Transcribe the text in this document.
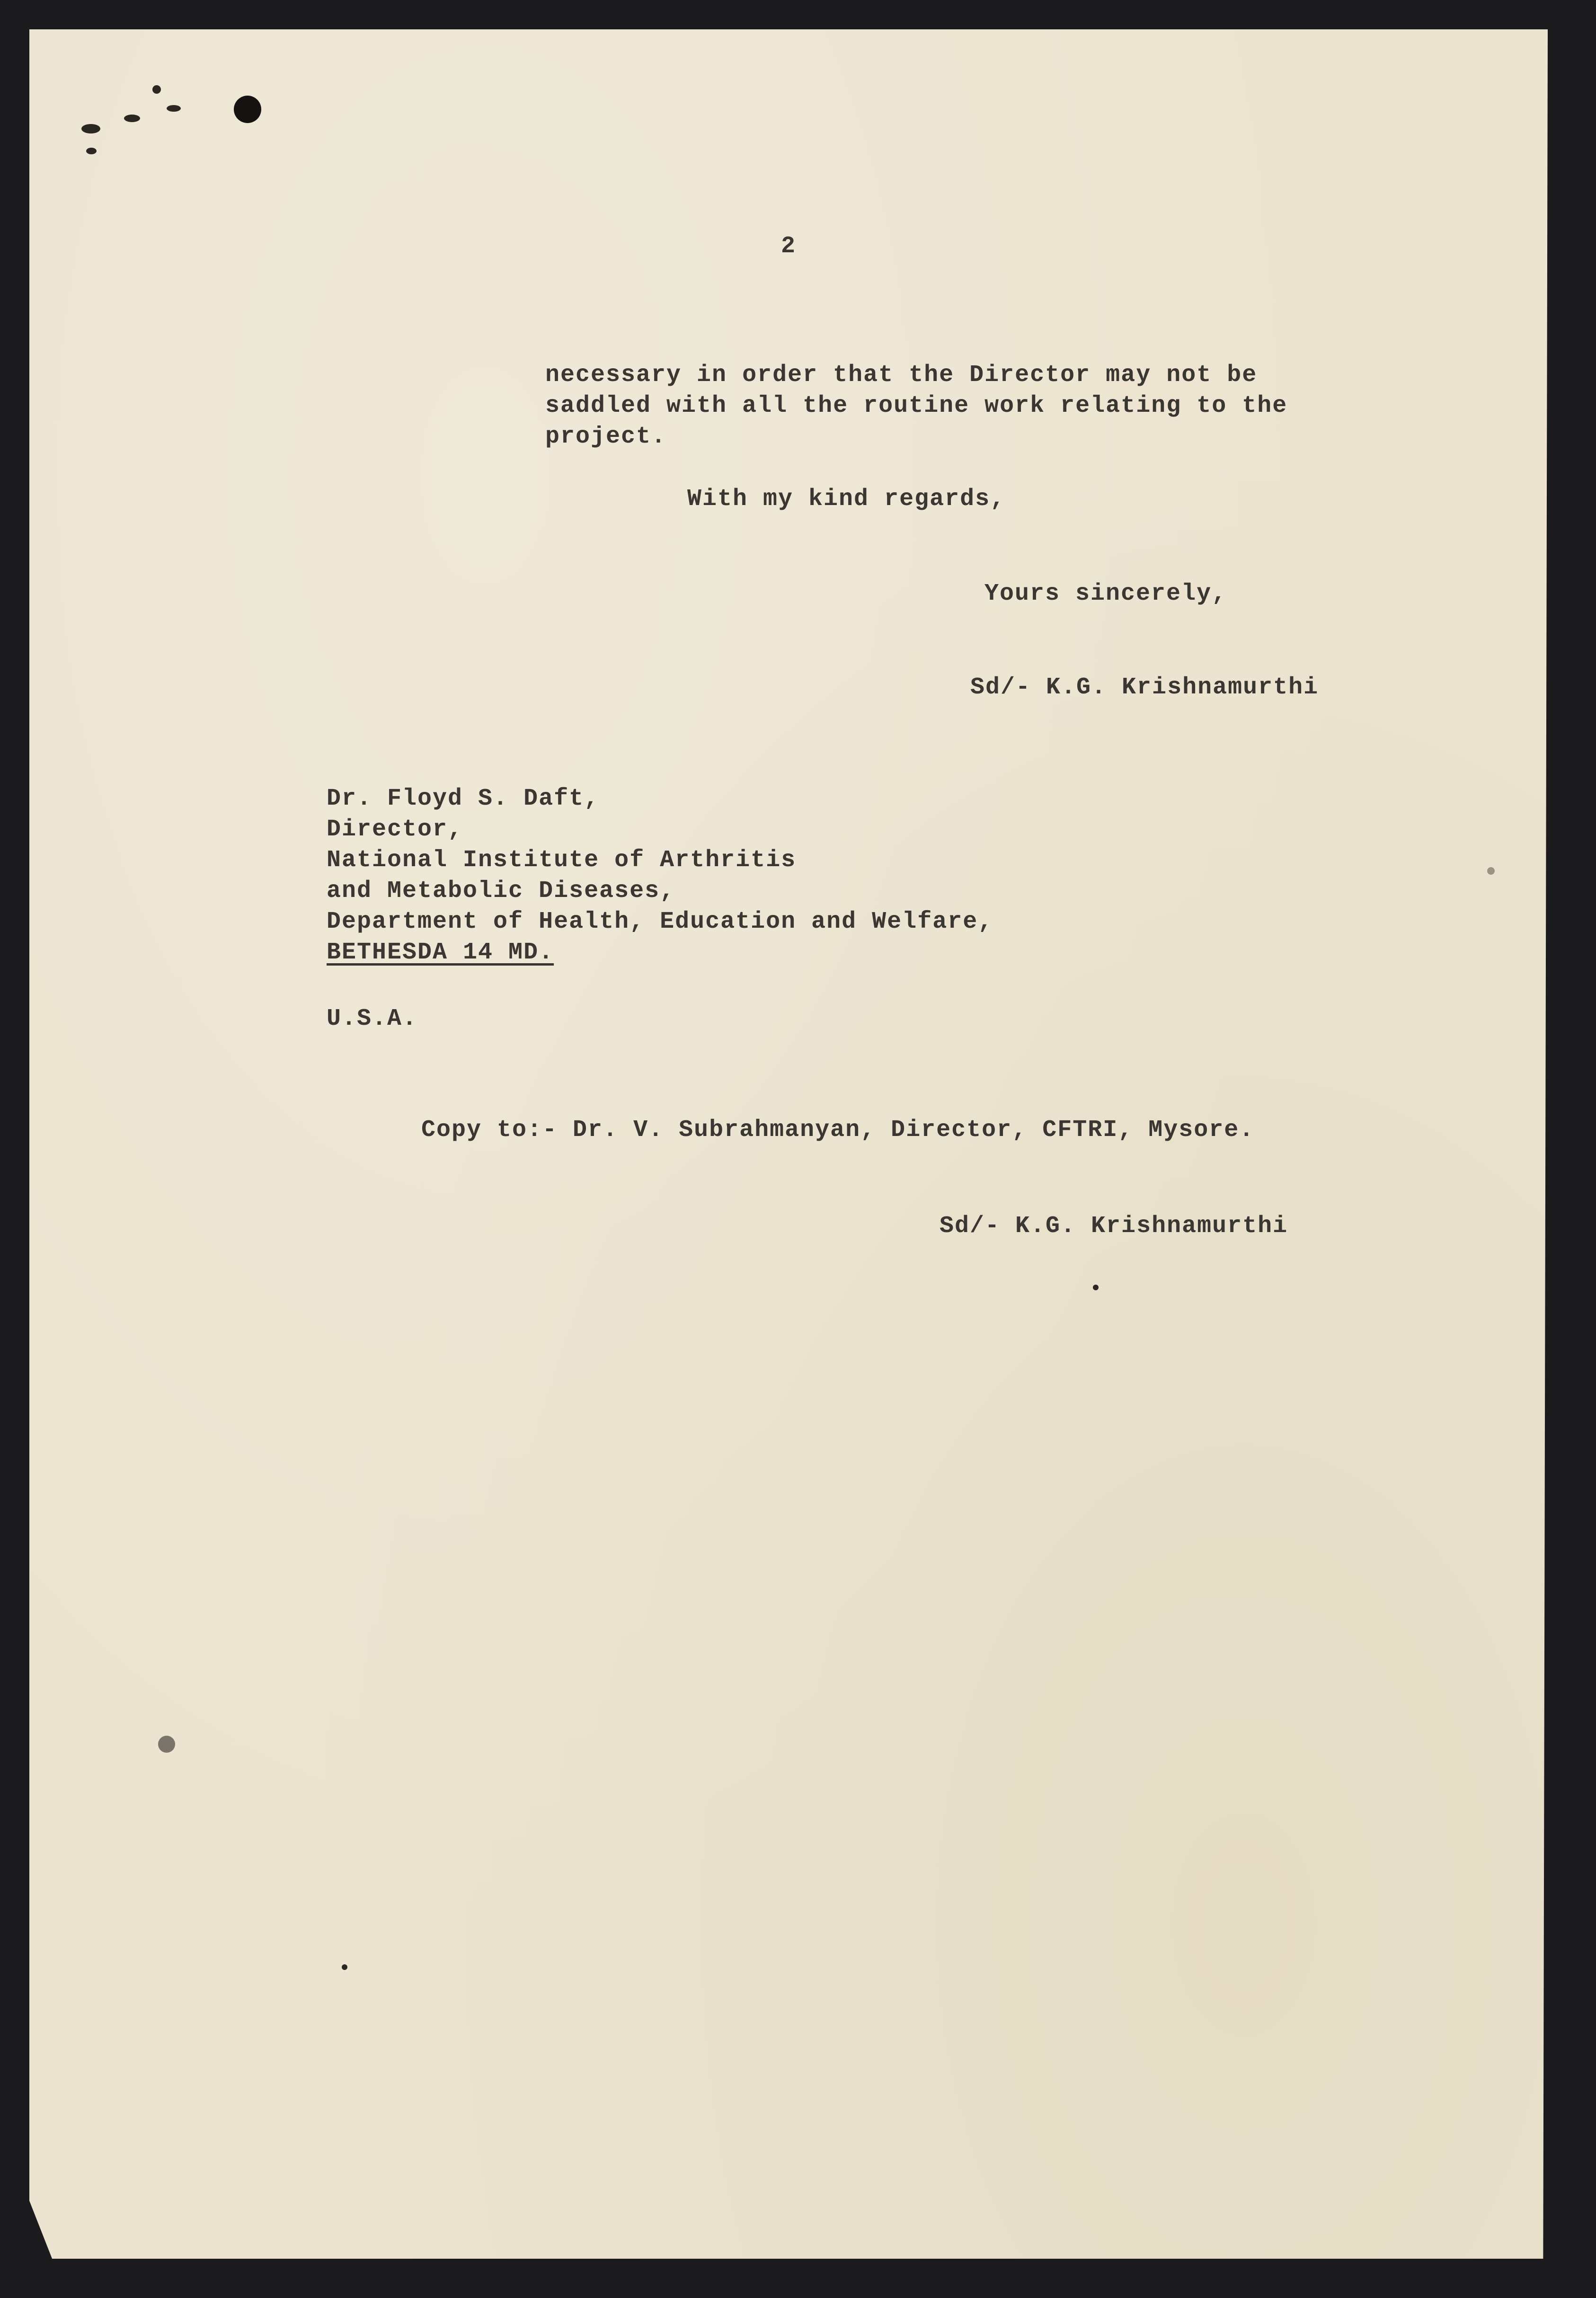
2

necessary in order that the Director may not be

saddled with all the routine work relating to the

project.

With my kind regards,

Yours sincerely,

Sd/- K.G. Krishnamurthi

Dr. Floyd S. Daft,

Director,

National Institute of Arthritis

and Metabolic Diseases,

Department of Health, Education and Welfare,

BETHESDA 14 MD.

U.S.A.

Copy to:- Dr. V. Subrahmanyan, Director, CFTRI, Mysore.

Sd/- K.G. Krishnamurthi
